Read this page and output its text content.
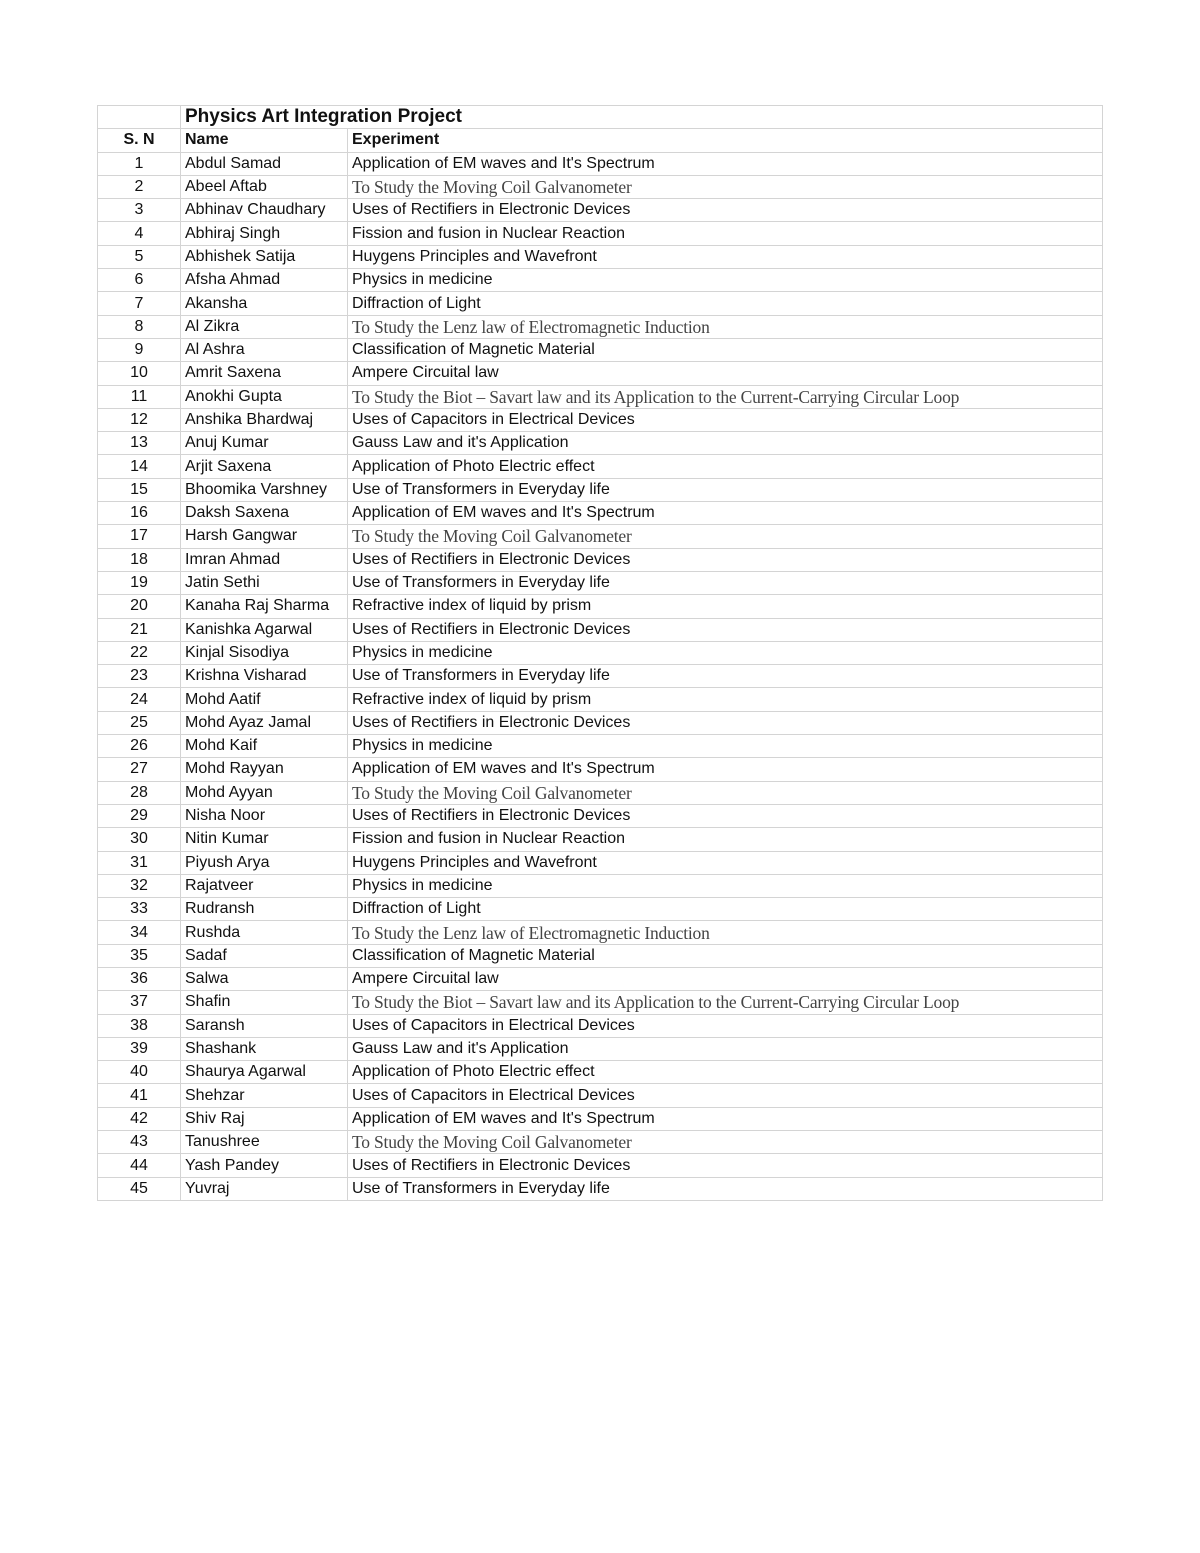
	Physics Art Integration Project	
S. N	Name	Experiment
1	Abdul Samad	Application of EM waves and It's Spectrum
2	Abeel Aftab	To Study the Moving Coil Galvanometer
3	Abhinav Chaudhary	Uses of Rectifiers in Electronic Devices
4	Abhiraj Singh	Fission and fusion in Nuclear Reaction
5	Abhishek Satija	Huygens Principles and Wavefront
6	Afsha Ahmad	Physics in medicine
7	Akansha	Diffraction of Light
8	Al Zikra	To Study the Lenz law of Electromagnetic Induction
9	Al Ashra	Classification of Magnetic Material
10	Amrit Saxena	Ampere Circuital law
11	Anokhi Gupta	To Study the Biot – Savart law and its Application to the Current-Carrying Circular Loop
12	Anshika Bhardwaj	Uses of Capacitors in Electrical Devices
13	Anuj Kumar	Gauss Law and it's Application
14	Arjit Saxena	Application of Photo Electric effect
15	Bhoomika Varshney	Use of Transformers in Everyday life
16	Daksh Saxena	Application of EM waves and It's Spectrum
17	Harsh Gangwar	To Study the Moving Coil Galvanometer
18	Imran Ahmad	Uses of Rectifiers in Electronic Devices
19	Jatin Sethi	Use of Transformers in Everyday life
20	Kanaha Raj Sharma	Refractive index of liquid by prism
21	Kanishka Agarwal	Uses of Rectifiers in Electronic Devices
22	Kinjal Sisodiya	Physics in medicine
23	Krishna Visharad	Use of Transformers in Everyday life
24	Mohd Aatif	Refractive index of liquid by prism
25	Mohd Ayaz Jamal	Uses of Rectifiers in Electronic Devices
26	Mohd Kaif	Physics in medicine
27	Mohd Rayyan	Application of EM waves and It's Spectrum
28	Mohd Ayyan	To Study the Moving Coil Galvanometer
29	Nisha Noor	Uses of Rectifiers in Electronic Devices
30	Nitin Kumar	Fission and fusion in Nuclear Reaction
31	Piyush Arya	Huygens Principles and Wavefront
32	Rajatveer	Physics in medicine
33	Rudransh	Diffraction of Light
34	Rushda	To Study the Lenz law of Electromagnetic Induction
35	Sadaf	Classification of Magnetic Material
36	Salwa	Ampere Circuital law
37	Shafin	To Study the Biot – Savart law and its Application to the Current-Carrying Circular Loop
38	Saransh	Uses of Capacitors in Electrical Devices
39	Shashank	Gauss Law and it's Application
40	Shaurya Agarwal	Application of Photo Electric effect
41	Shehzar	Uses of Capacitors in Electrical Devices
42	Shiv Raj	Application of EM waves and It's Spectrum
43	Tanushree	To Study the Moving Coil Galvanometer
44	Yash Pandey	Uses of Rectifiers in Electronic Devices
45	Yuvraj	Use of Transformers in Everyday life
